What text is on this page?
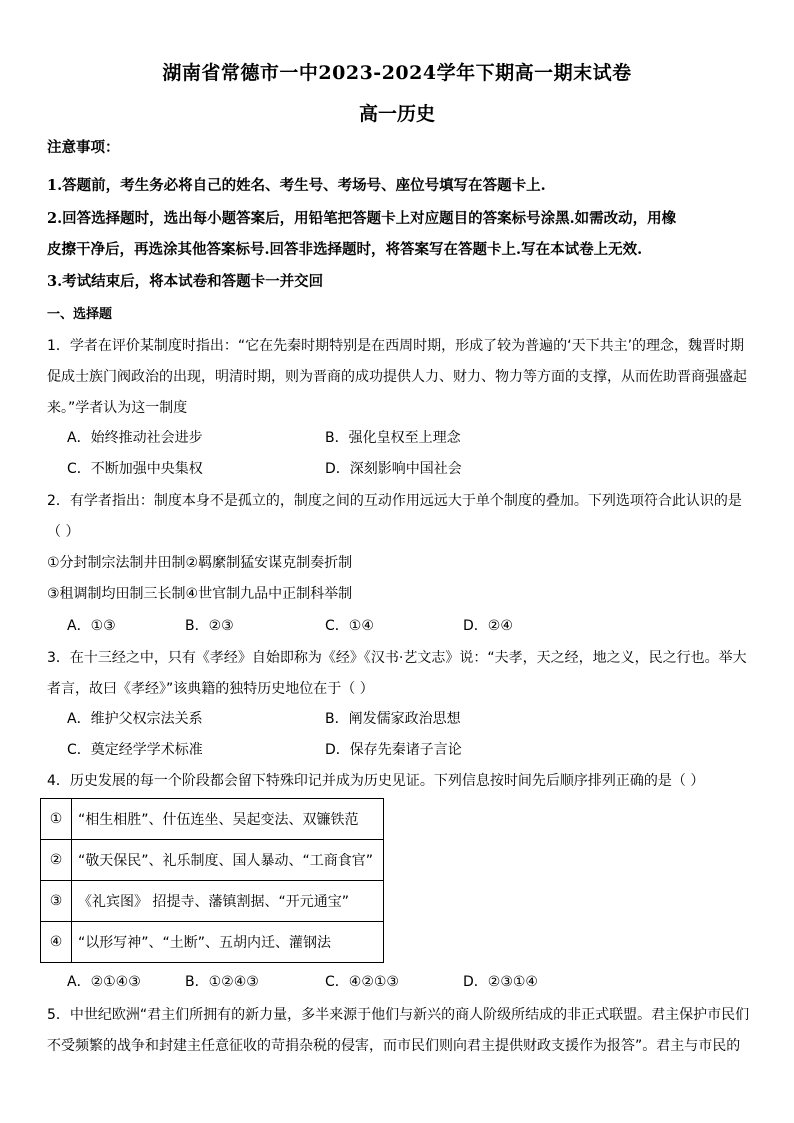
湖南省常德市一中2023-2024学年下期高一期末试卷
高一历史
注意事项：
1.答题前，考生务必将自己的姓名、考生号、考场号、座位号填写在答题卡上.
2.回答选择题时，选出每小题答案后，用铅笔把答题卡上对应题目的答案标号涂黑.如需改动，用橡
皮擦干净后，再选涂其他答案标号.回答非选择题时，将答案写在答题卡上.写在本试卷上无效.
3.考试结束后，将本试卷和答题卡一并交回
一、选择题
1．学者在评价某制度时指出：“它在先秦时期特别是在西周时期，形成了较为普遍的‘天下共主’的理念，魏晋时期
促成士族门阀政治的出现，明清时期，则为晋商的成功提供人力、财力、物力等方面的支撑，从而佐助晋商强盛起
来。”学者认为这一制度
A．始终推动社会进步	B．强化皇权至上理念
C．不断加强中央集权	D．深刻影响中国社会
2．有学者指出：制度本身不是孤立的，制度之间的互动作用远远大于单个制度的叠加。下列选项符合此认识的是
（ ）
①分封制宗法制井田制②羁縻制猛安谋克制奏折制
③租调制均田制三长制④世官制九品中正制科举制
A．①③	B．②③	C．①④	D．②④
3．在十三经之中，只有《孝经》自始即称为《经》《汉书·艺文志》说：“夫孝，天之经，地之义，民之行也。举大
者言，故曰《孝经》”该典籍的独特历史地位在于（ ）
A．维护父权宗法关系	B．阐发儒家政治思想
C．奠定经学学术标准	D．保存先秦诸子言论
4．历史发展的每一个阶段都会留下特殊印记并成为历史见证。下列信息按时间先后顺序排列正确的是（ ）
①	“相生相胜”、什伍连坐、吴起变法、双镰铁范
②	“敬天保民”、礼乐制度、国人暴动、“工商食官”
③	《礼宾图》 招提寺、藩镇割据、“开元通宝”
④	“以形写神”、“土断”、五胡内迁、灌钢法
A．②①④③	B．①②④③	C．④②①③	D．②③①④
5．中世纪欧洲“君主们所拥有的新力量，多半来源于他们与新兴的商人阶级所结成的非正式联盟。君主保护市民们
不受频繁的战争和封建主任意征收的苛捐杂税的侵害，而市民们则向君主提供财政支援作为报答”。君主与市民的
